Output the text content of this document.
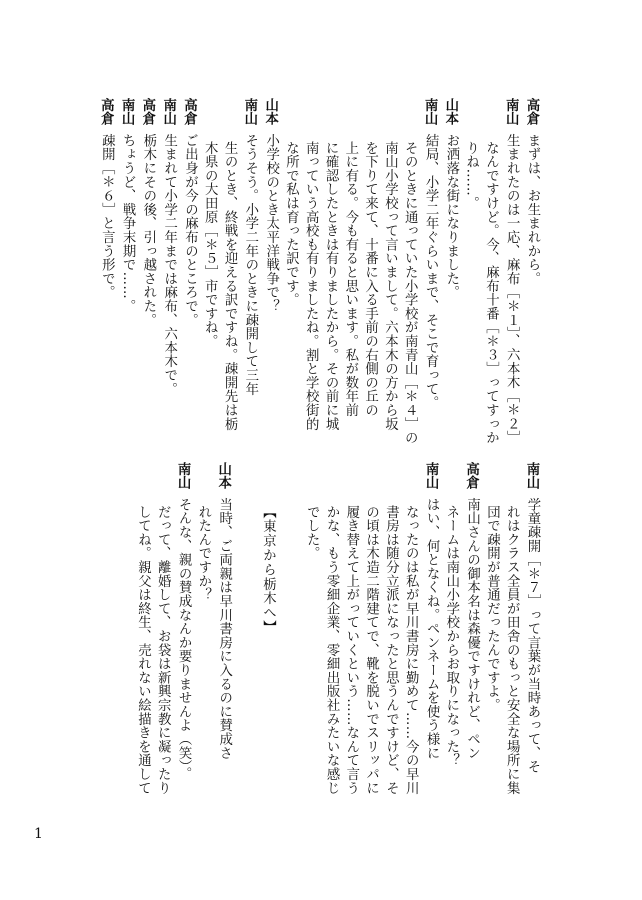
高倉まずは、お生まれから。
南山生まれたのは一応、麻布［＊１］、六本木［＊２］
なんですけど。今、麻布十番［＊３］ってすっか
りね……。
山本お洒落な街になりました。
南山結局、小学二年ぐらいまで、そこで育って。
そのときに通っていた小学校が南青山［＊４］の
南山小学校って言いまして。六本木の方から坂
を下りて来て、十番に入る手前の右側の丘の
上に有る。今も有ると思います。私が数年前
に確認したときは有りましたから。その前に城
南っていう高校も有りましたね。割と学校街的
な所で私は育った訳です。
山本小学校のとき太平洋戦争で？
南山そうそう。小学二年のときに疎開して三年
生のとき、終戦を迎える訳ですね。疎開先は栃
木県の大田原［＊５］市ですね。
高倉ご出身が今の麻布のところで。
南山生まれて小学二年までは麻布、六本木で。
高倉栃木にその後、引っ越された。
南山ちょうど、戦争末期で……。
高倉疎開［＊６］と言う形で。
南山学童疎開［＊７］って言葉が当時あって、そ
れはクラス全員が田舎のもっと安全な場所に集
団で疎開が普通だったんですよ。
高倉南山さんの御本名は森優ですけれど、ペン
ネームは南山小学校からお取りになった？
南山はい、何となくね。ペンネームを使う様に
なったのは私が早川書房に勤めて……今の早川
書房は随分立派になったと思うんですけど、そ
の頃は木造二階建てで、靴を脱いでスリッパに
履き替えて上がっていくという……なんて言う
かな、もう零細企業、零細出版社みたいな感じ
でした。
【東京から栃木へ】
山本当時、ご両親は早川書房に入るのに賛成さ
れたんですか？
南山そんな、親の賛成なんか要りませんよ（笑）。
だって、離婚して、お袋は新興宗教に凝ったり
してね。親父は終生、売れない絵描きを通して
1
